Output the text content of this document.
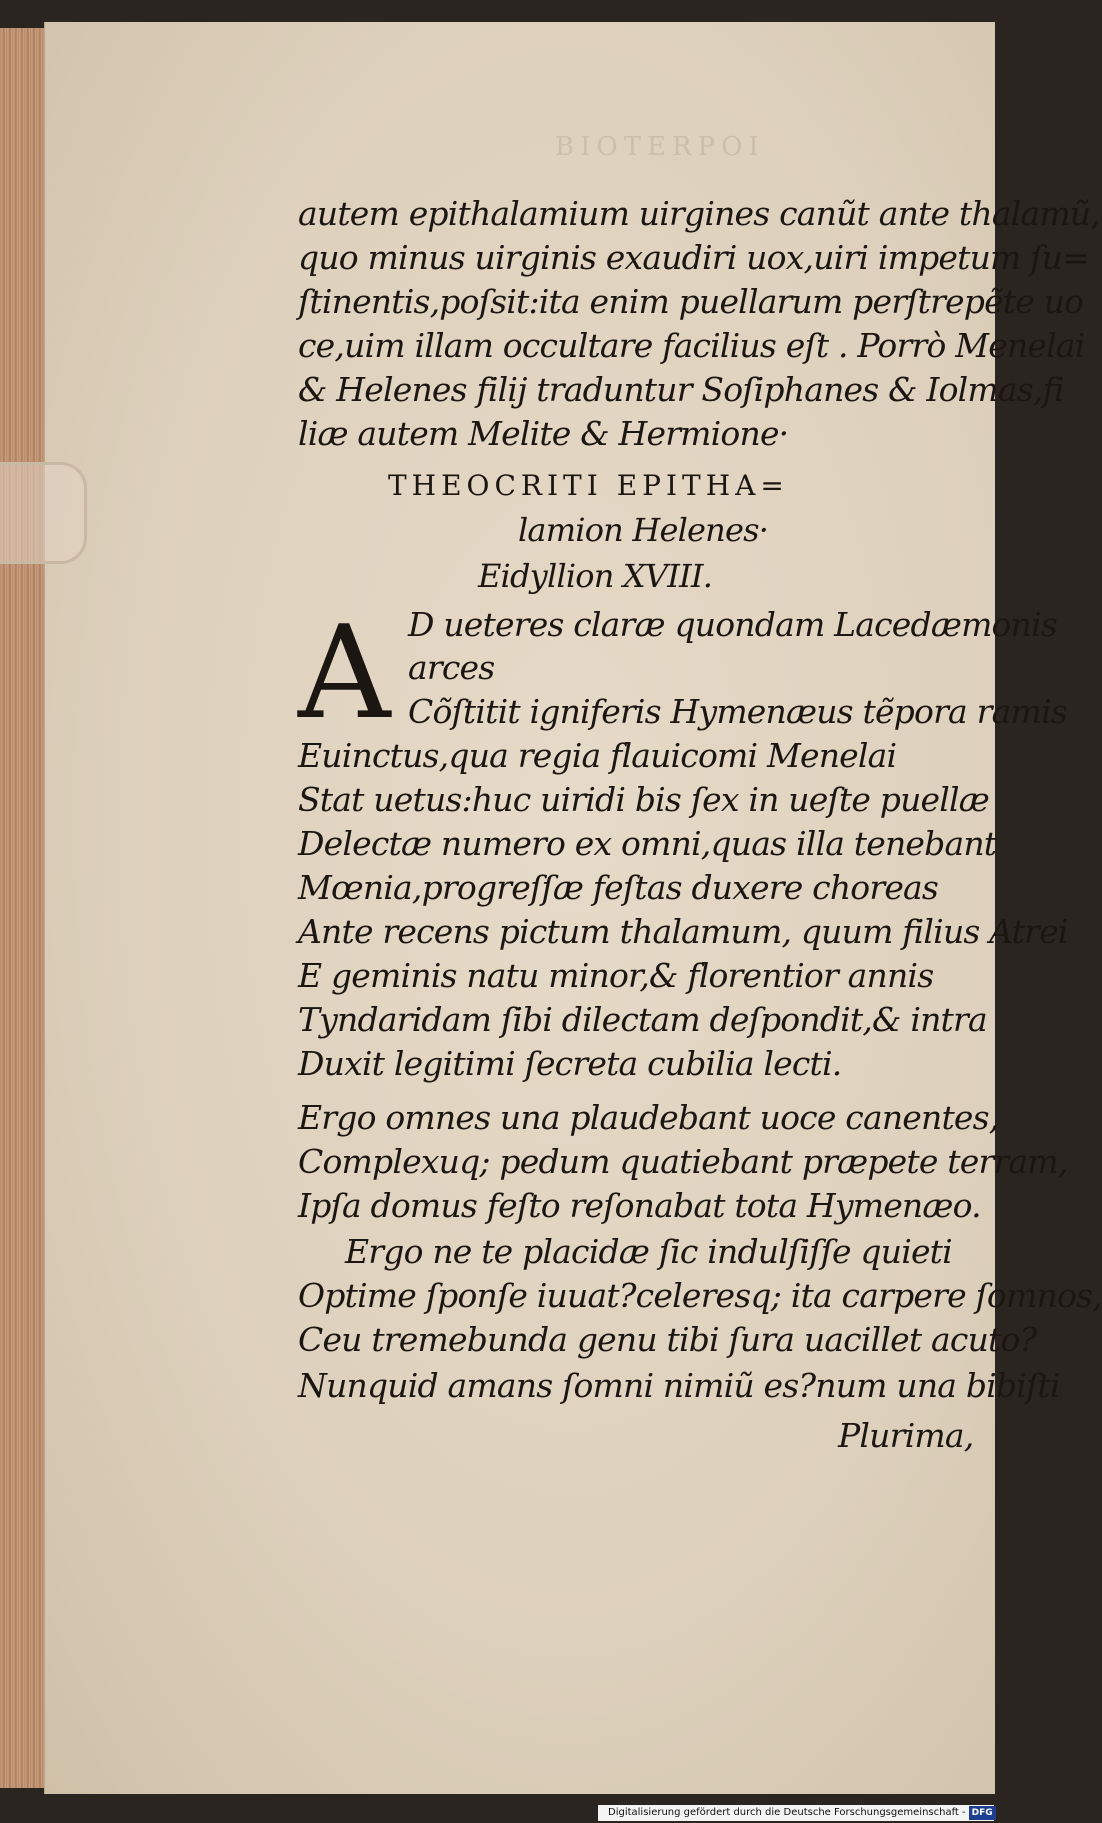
BIOTERPOI
autem epithalamium uirgines canũt ante thalamũ,
quo minus uirginis exaudiri uox,uiri impetum ſu=
ſtinentis,poſsit:ita enim puellarum perſtrepẽte uo
ce,uim illam occultare facilius eſt . Porrò Menelai
& Helenes filij traduntur Soſiphanes & Iolmas,fi
liæ autem Melite & Hermione·
THEOCRITI EPITHA=
lamion Helenes·
Eidyllion XVIII.
A D ueteres claræ quondam Lacedæmonis
arces
Cõſtitit igniferis Hymenæus tẽpora ramis
Euinctus,qua regia flauicomi Menelai
Stat uetus:huc uiridi bis ſex in ueſte puellæ
Delectæ numero ex omni,quas illa tenebant
Mœnia,progreſſæ feſtas duxere choreas
Ante recens pictum thalamum, quum filius Atrei
E geminis natu minor,& florentior annis
Tyndaridam ſibi dilectam deſpondit,& intra
Duxit legitimi ſecreta cubilia lecti.
Ergo omnes una plaudebant uoce canentes,
Complexuq; pedum quatiebant præpete terram,
Ipſa domus feſto reſonabat tota Hymenæo.
Ergo ne te placidæ ſic indulſiſſe quieti
Optime ſponſe iuuat?celeresq; ita carpere ſomnos,
Ceu tremebunda genu tibi ſura uacillet acuto?
Nunquid amans ſomni nimiũ es?num una bibiſti
Plurima,
Digitalisierung gefördert durch die Deutsche Forschungsgemeinschaft - DFG
